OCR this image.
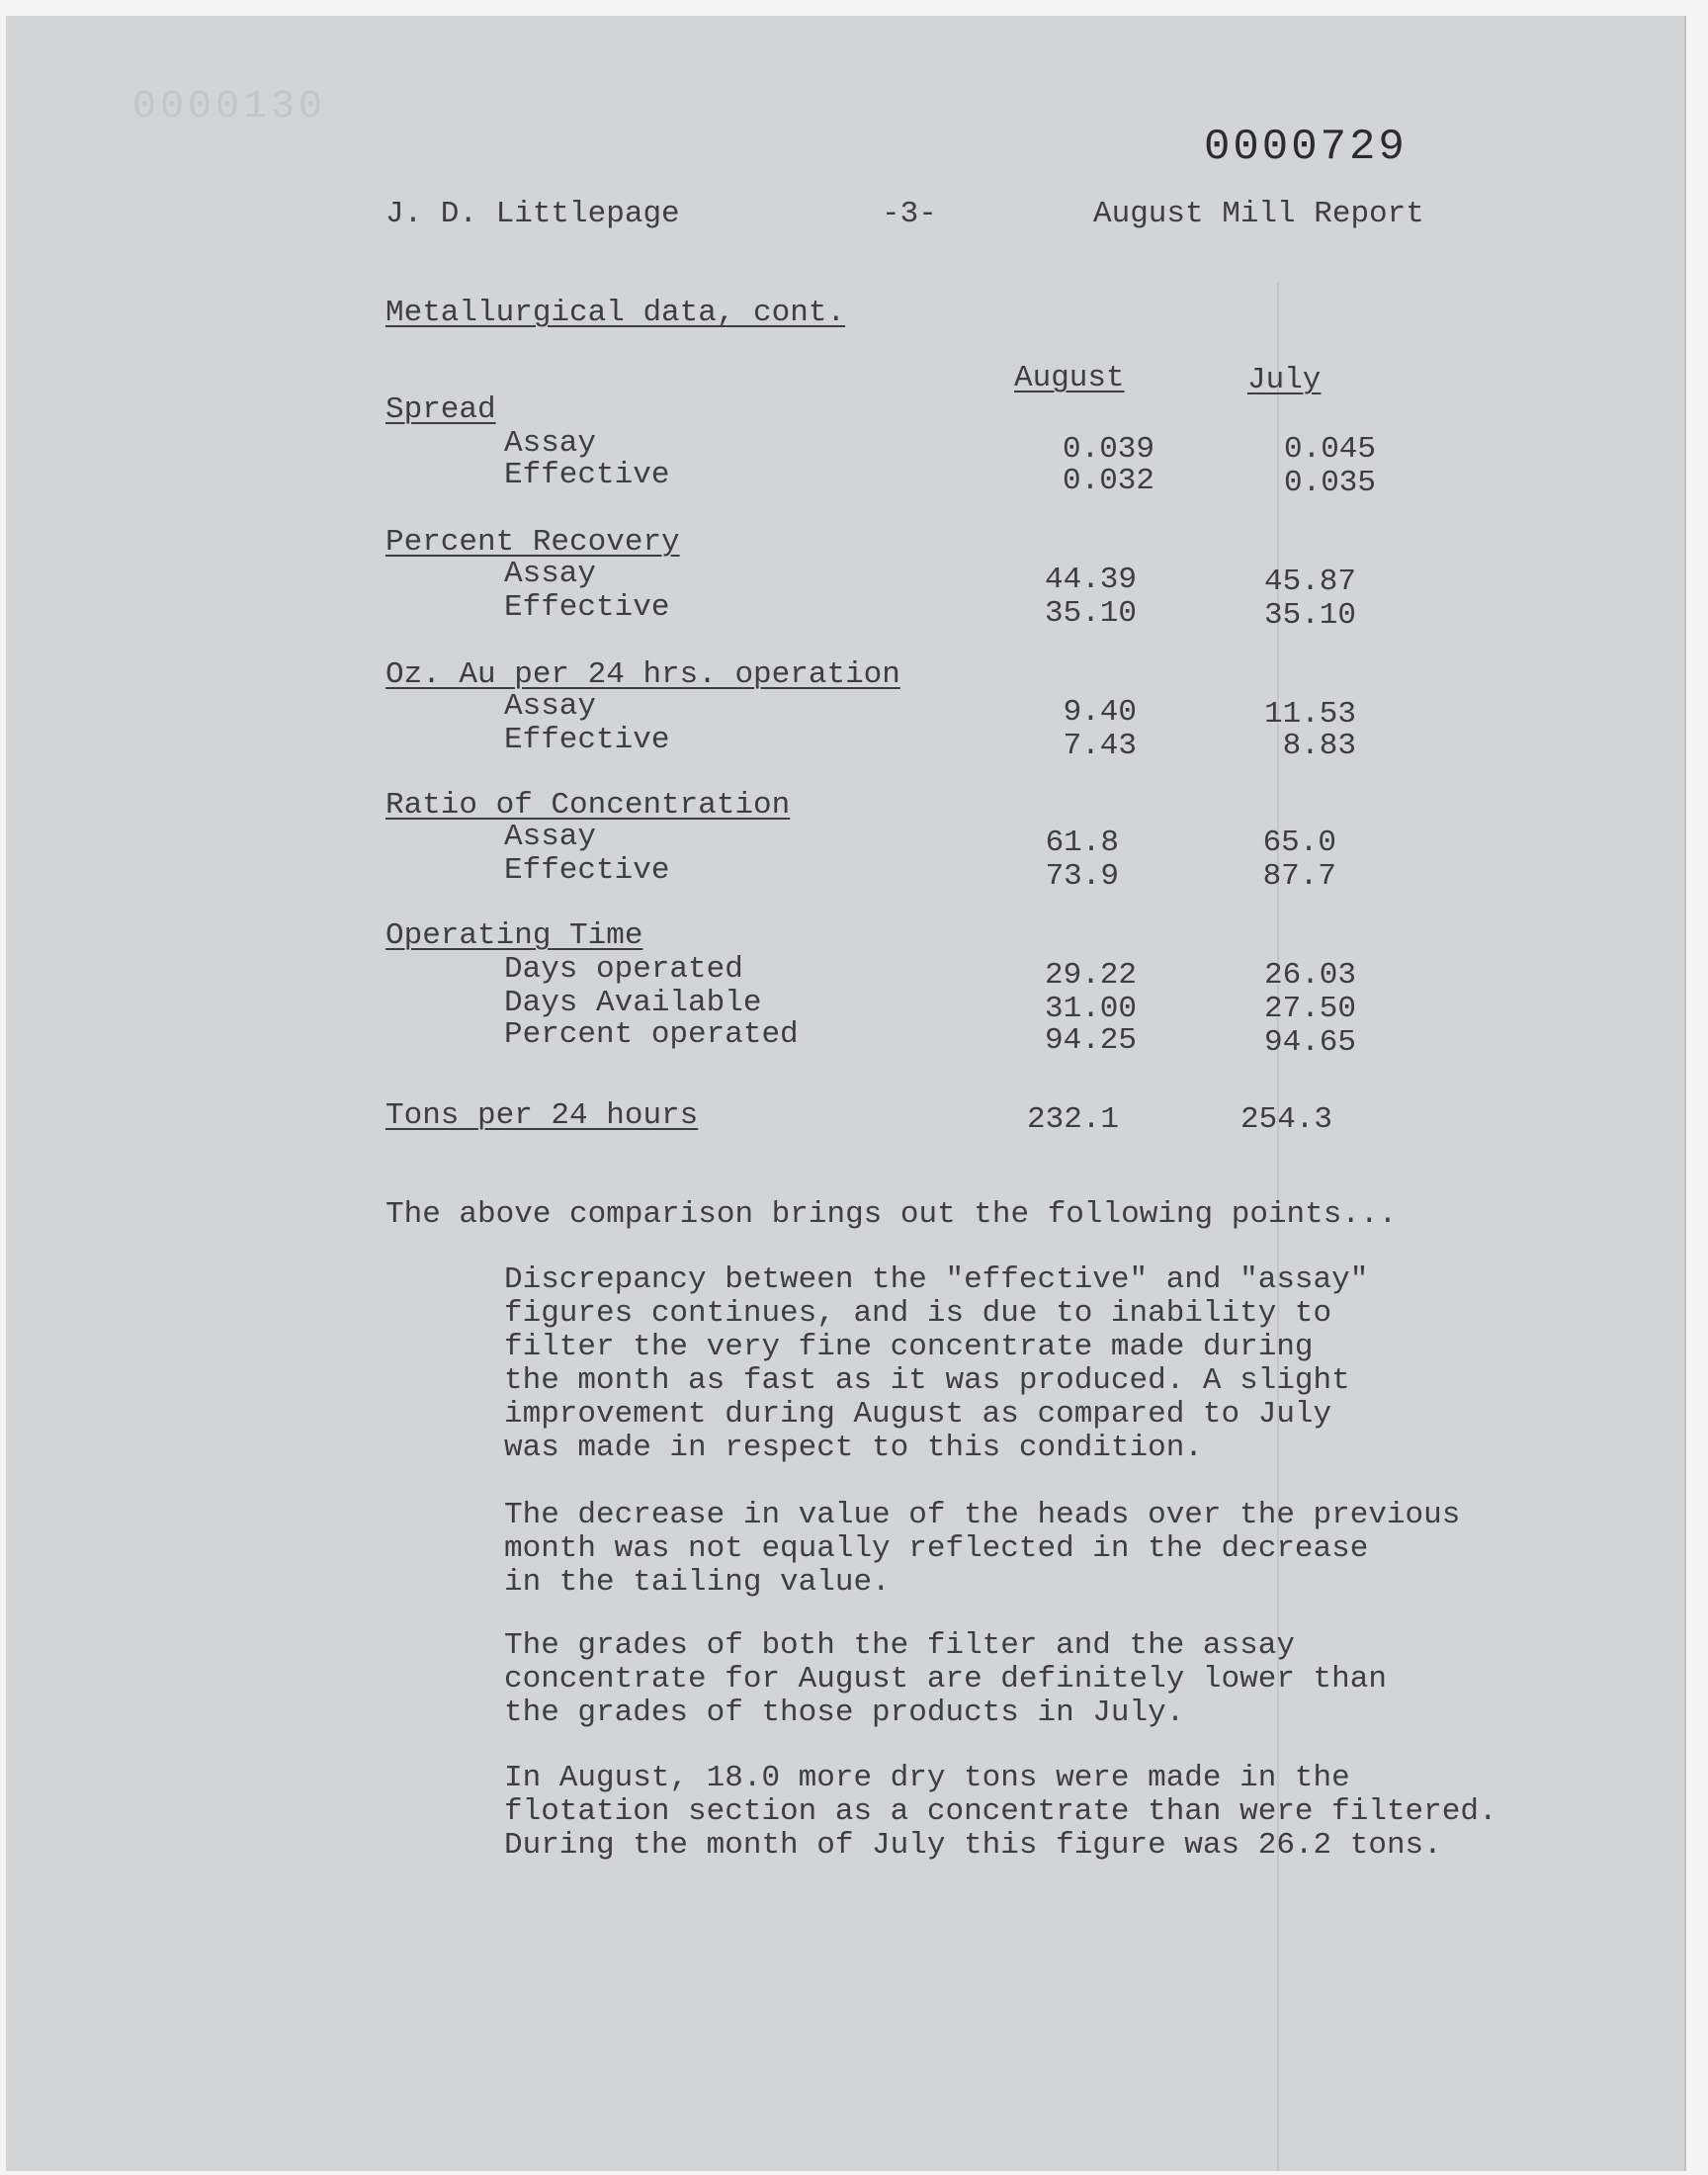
0000130
0000729
J. D. Littlepage	-3-	August Mill Report
Metallurgical data, cont.
August	July
Spread
Assay	0.039	0.045
Effective	0.032	0.035
Percent Recovery
Assay	44.39	45.87
Effective	35.10	35.10
Oz. Au per 24 hrs. operation
Assay	9.40	11.53
Effective	7.43	8.83
Ratio of Concentration
Assay	61.8	65.0
Effective	73.9	87.7
Operating Time
Days operated	29.22	26.03
Days Available	31.00	27.50
Percent operated	94.25	94.65
Tons per 24 hours	232.1	254.3
The above comparison brings out the following points...
Discrepancy between the "effective" and "assay"
figures continues, and is due to inability to
filter the very fine concentrate made during
the month as fast as it was produced. A slight
improvement during August as compared to July
was made in respect to this condition.
The decrease in value of the heads over the previous
month was not equally reflected in the decrease
in the tailing value.
The grades of both the filter and the assay
concentrate for August are definitely lower than
the grades of those products in July.
In August, 18.0 more dry tons were made in the
flotation section as a concentrate than were filtered.
During the month of July this figure was 26.2 tons.
